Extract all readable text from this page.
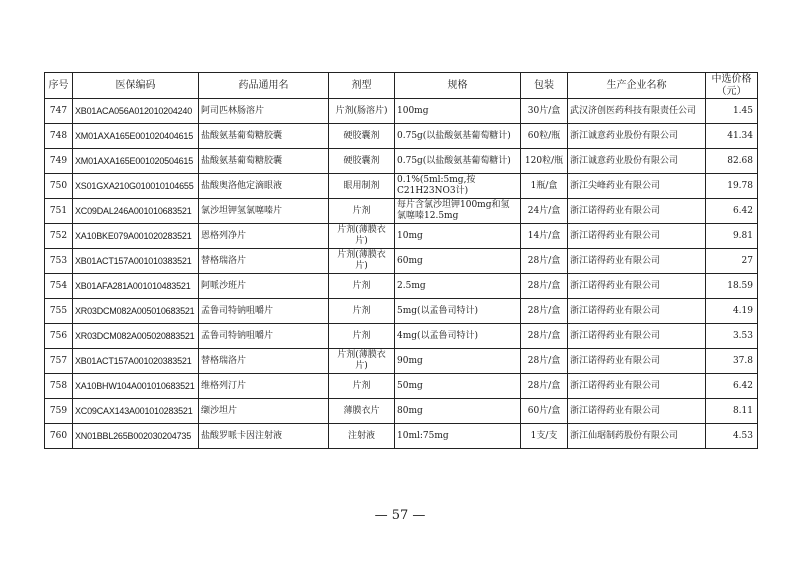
序号	医保编码	药品通用名	剂型	规格	包装	生产企业名称	中选价格（元）
747	XB01ACA056A012010204240	阿司匹林肠溶片	片剂(肠溶片)	100mg	30片/盒	武汉济创医药科技有限责任公司	1.45
748	XM01AXA165E001020404615	盐酸氨基葡萄糖胶囊	硬胶囊剂	0.75g(以盐酸氨基葡萄糖计)	60粒/瓶	浙江诚意药业股份有限公司	41.34
749	XM01AXA165E001020504615	盐酸氨基葡萄糖胶囊	硬胶囊剂	0.75g(以盐酸氨基葡萄糖计)	120粒/瓶	浙江诚意药业股份有限公司	82.68
750	XS01GXA210G010010104655	盐酸奥洛他定滴眼液	眼用制剂	0.1%(5ml:5mg,按C21H23NO3计)	1瓶/盒	浙江尖峰药业有限公司	19.78
751	XC09DAL246A001010683521	氯沙坦钾氢氯噻嗪片	片剂	每片含氯沙坦钾100mg和氢氯噻嗪12.5mg	24片/盒	浙江诺得药业有限公司	6.42
752	XA10BKE079A001020283521	恩格列净片	片剂(薄膜衣片)	10mg	14片/盒	浙江诺得药业有限公司	9.81
753	XB01ACT157A001010383521	替格瑞洛片	片剂(薄膜衣片)	60mg	28片/盒	浙江诺得药业有限公司	27
754	XB01AFA281A001010483521	阿哌沙班片	片剂	2.5mg	28片/盒	浙江诺得药业有限公司	18.59
755	XR03DCM082A005010683521	孟鲁司特钠咀嚼片	片剂	5mg(以孟鲁司特计)	28片/盒	浙江诺得药业有限公司	4.19
756	XR03DCM082A005020883521	孟鲁司特钠咀嚼片	片剂	4mg(以孟鲁司特计)	28片/盒	浙江诺得药业有限公司	3.53
757	XB01ACT157A001020383521	替格瑞洛片	片剂(薄膜衣片)	90mg	28片/盒	浙江诺得药业有限公司	37.8
758	XA10BHW104A001010683521	维格列汀片	片剂	50mg	28片/盒	浙江诺得药业有限公司	6.42
759	XC09CAX143A001010283521	缬沙坦片	薄膜衣片	80mg	60片/盒	浙江诺得药业有限公司	8.11
760	XN01BBL265B002030204735	盐酸罗哌卡因注射液	注射液	10ml:75mg	1支/支	浙江仙琚制药股份有限公司	4.53
— 57 —
